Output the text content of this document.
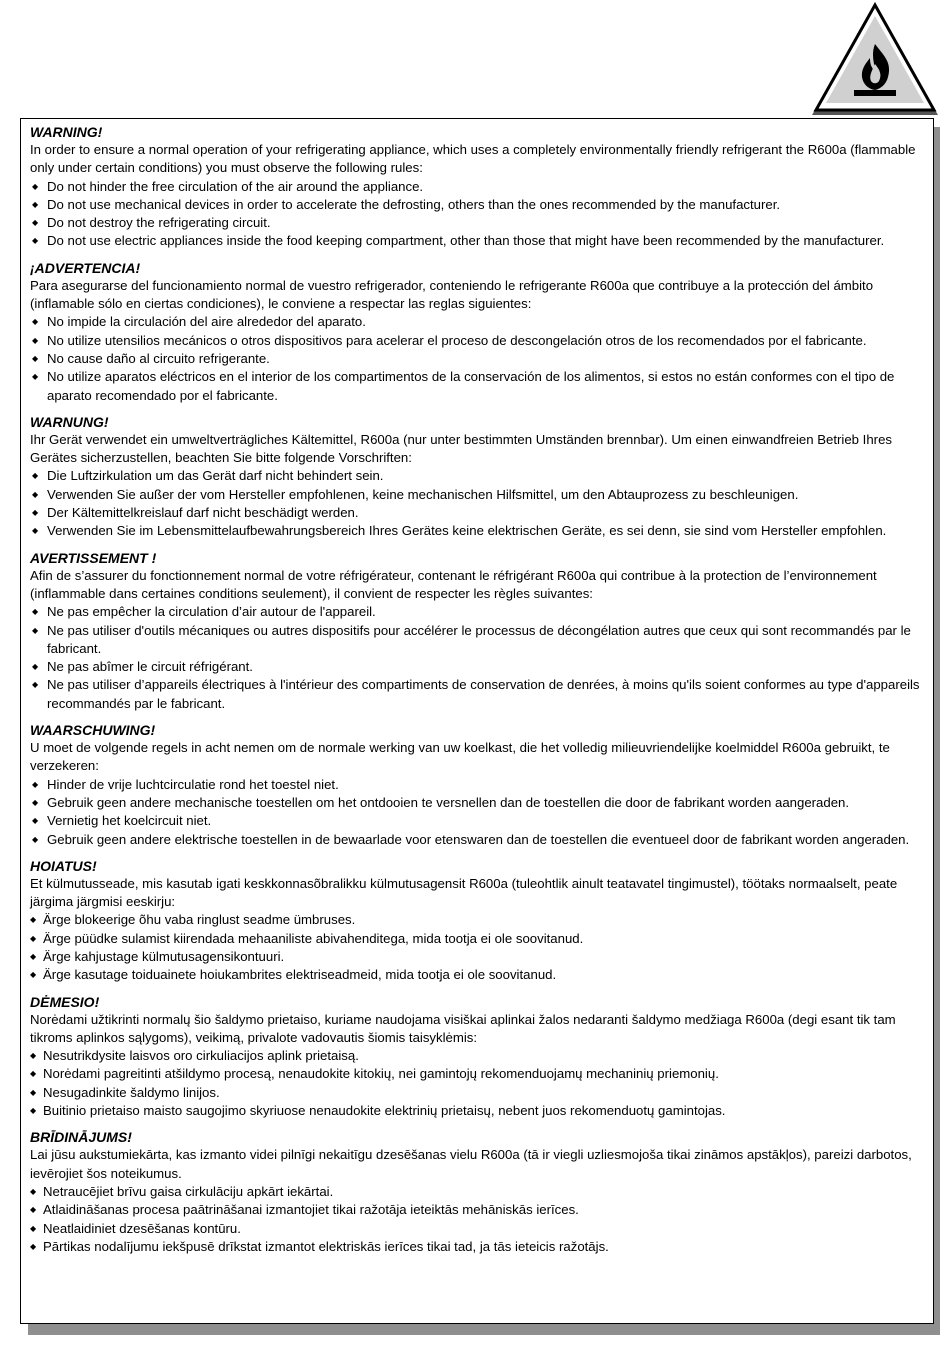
WARNING!
In order to ensure a normal operation of your refrigerating appliance, which uses a completely environmentally friendly refrigerant the R600a (flammable only under certain conditions) you must observe the following rules:
◆ Do not hinder the free circulation of the air around the appliance.
◆ Do not use mechanical devices in order to accelerate the defrosting, others than the ones recommended by the manufacturer.
◆ Do not destroy the refrigerating circuit.
◆ Do not use electric appliances inside the food keeping compartment, other than those that might have been recommended by the manufacturer.
¡ADVERTENCIA!
Para asegurarse del funcionamiento normal de vuestro refrigerador, conteniendo le refrigerante R600a que contribuye a la protección del ámbito (inflamable sólo en ciertas condiciones), le conviene a respectar las reglas siguientes:
◆ No impide la circulación del aire alrededor del aparato.
◆ No utilize utensilios mecánicos o otros dispositivos para acelerar el proceso de descongelación otros de los recomendados por el fabricante.
◆ No cause daño al circuito refrigerante.
◆ No utilize aparatos eléctricos en el interior de los compartimentos de la conservación de los alimentos, si estos no están conformes con el tipo de aparato recomendado por el fabricante.
WARNUNG!
Ihr Gerät verwendet ein umweltverträgliches Kältemittel, R600a (nur unter bestimmten Umständen brennbar). Um einen einwandfreien Betrieb Ihres Gerätes sicherzustellen, beachten Sie bitte folgende Vorschriften:
◆ Die Luftzirkulation um das Gerät darf nicht behindert sein.
◆ Verwenden Sie außer der vom Hersteller empfohlenen, keine mechanischen Hilfsmittel, um den Abtauprozess zu beschleunigen.
◆ Der Kältemittelkreislauf darf nicht beschädigt werden.
◆ Verwenden Sie im Lebensmittelaufbewahrungsbereich Ihres Gerätes keine elektrischen Geräte, es sei denn, sie sind vom Hersteller empfohlen.
AVERTISSEMENT !
Afin de s’assurer du fonctionnement normal de votre réfrigérateur, contenant le réfrigérant R600a qui contribue à la protection de l’environnement (inflammable dans certaines conditions seulement), il convient de respecter les règles suivantes:
◆ Ne pas empêcher la circulation d’air autour de l'appareil.
◆ Ne pas utiliser d'outils mécaniques ou autres dispositifs pour accélérer le processus de décongélation autres que ceux qui sont recommandés par le fabricant.
◆ Ne pas abîmer le circuit réfrigérant.
◆ Ne pas utiliser d’appareils électriques à l'intérieur des compartiments de conservation de denrées, à moins qu'ils soient conformes au type d'appareils recommandés par le fabricant.
WAARSCHUWING!
U moet de volgende regels in acht nemen om de normale werking van uw koelkast, die het volledig milieuvriendelijke koelmiddel R600a gebruikt, te verzekeren:
◆ Hinder de vrije luchtcirculatie rond het toestel niet.
◆ Gebruik geen andere mechanische toestellen om het ontdooien te versnellen dan de toestellen die door de fabrikant worden aangeraden.
◆ Vernietig het koelcircuit niet.
◆ Gebruik geen andere elektrische toestellen in de bewaarlade voor etenswaren dan de toestellen die eventueel door de fabrikant worden angeraden.
HOIATUS!
Et külmutusseade, mis kasutab igati keskkonnasõbralikku külmutusagensit R600a (tuleohtlik ainult teatavatel tingimustel), töötaks normaalselt, peate järgima järgmisi eeskirju:
◆ Ärge blokeerige õhu vaba ringlust seadme ümbruses.
◆ Ärge püüdke sulamist kiirendada mehaaniliste abivahenditega, mida tootja ei ole soovitanud.
◆ Ärge kahjustage külmutusagensikontuuri.
◆ Ärge kasutage toiduainete hoiukambrites elektriseadmeid, mida tootja ei ole soovitanud.
DĖMESIO!
Norėdami užtikrinti normalų šio šaldymo prietaiso, kuriame naudojama visiškai aplinkai žalos nedaranti šaldymo medžiaga R600a (degi esant tik tam tikroms aplinkos sąlygoms), veikimą, privalote vadovautis šiomis taisyklėmis:
◆ Nesutrikdysite laisvos oro cirkuliacijos aplink prietaisą.
◆ Norėdami pagreitinti atšildymo procesą, nenaudokite kitokių, nei gamintojų rekomenduojamų mechaninių priemonių.
◆ Nesugadinkite šaldymo linijos.
◆ Buitinio prietaiso maisto saugojimo skyriuose nenaudokite elektrinių prietaisų, nebent juos rekomenduotų gamintojas.
BRĪDINĀJUMS!
Lai jūsu aukstumiekārta, kas izmanto videi pilnīgi nekaitīgu dzesēšanas vielu R600a (tā ir viegli uzliesmojoša tikai zināmos apstākļos), pareizi darbotos, ievērojiet šos noteikumus.
◆ Netraucējiet brīvu gaisa cirkulāciju apkārt iekārtai.
◆ Atlaidināšanas procesa paātrināšanai izmantojiet tikai ražotāja ieteiktās mehāniskās ierīces.
◆ Neatlaidiniet dzesēšanas kontūru.
◆ Pārtikas nodalījumu iekšpusē drīkstat izmantot elektriskās ierīces tikai tad, ja tās ieteicis ražotājs.
